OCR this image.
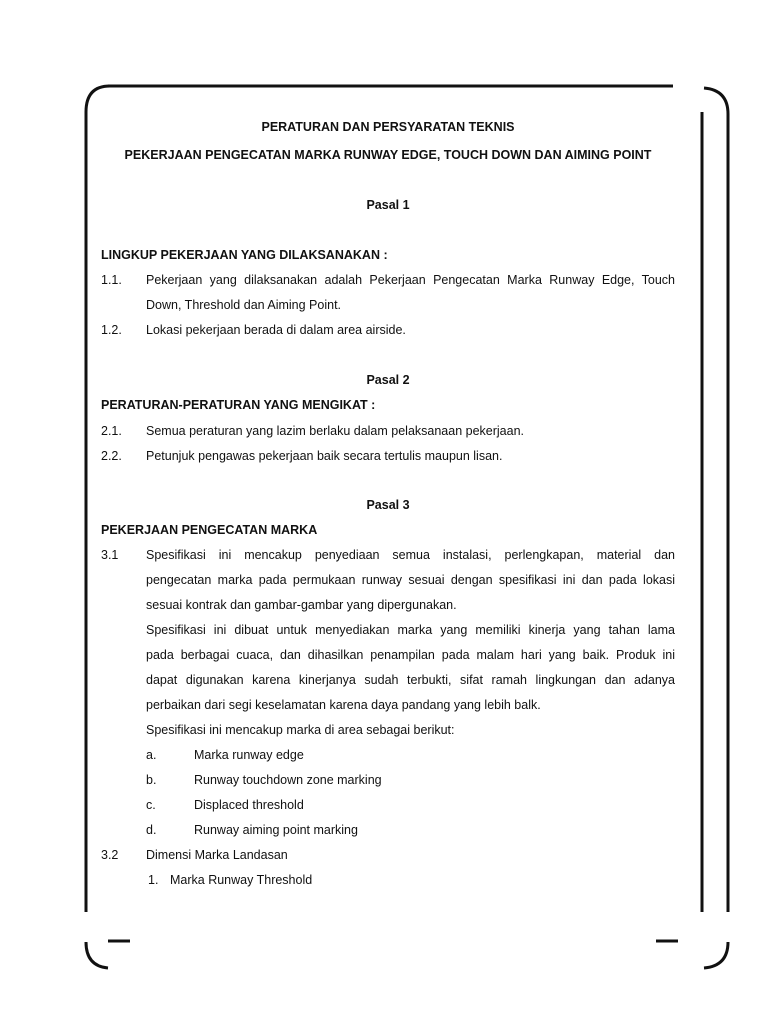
PERATURAN DAN PERSYARATAN TEKNIS
PEKERJAAN PENGECATAN MARKA RUNWAY EDGE, TOUCH DOWN DAN AIMING POINT
Pasal 1
LINGKUP PEKERJAAN YANG DILAKSANAKAN :
1.1. Pekerjaan yang dilaksanakan adalah Pekerjaan Pengecatan Marka Runway Edge, Touch
Down, Threshold dan Aiming Point.
1.2. Lokasi pekerjaan berada di dalam area airside.
Pasal 2
PERATURAN-PERATURAN YANG MENGIKAT :
2.1. Semua peraturan yang lazim berlaku dalam pelaksanaan pekerjaan.
2.2. Petunjuk pengawas pekerjaan baik secara tertulis maupun lisan.
Pasal 3
PEKERJAAN PENGECATAN MARKA
3.1 Spesifikasi ini mencakup penyediaan semua instalasi, perlengkapan, material dan
pengecatan marka pada permukaan runway sesuai dengan spesifikasi ini dan pada lokasi
sesuai kontrak dan gambar-gambar yang dipergunakan.
Spesifikasi ini dibuat untuk menyediakan marka yang memiliki kinerja yang tahan lama
pada berbagai cuaca, dan dihasilkan penampilan pada malam hari yang baik. Produk ini
dapat digunakan karena kinerjanya sudah terbukti, sifat ramah lingkungan dan adanya
perbaikan dari segi keselamatan karena daya pandang yang lebih balk.
Spesifikasi ini mencakup marka di area sebagai berikut:
a.	Marka runway edge
b.	Runway touchdown zone marking
c.	Displaced threshold
d.	Runway aiming point marking
3.2 Dimensi Marka Landasan
1. Marka Runway Threshold
